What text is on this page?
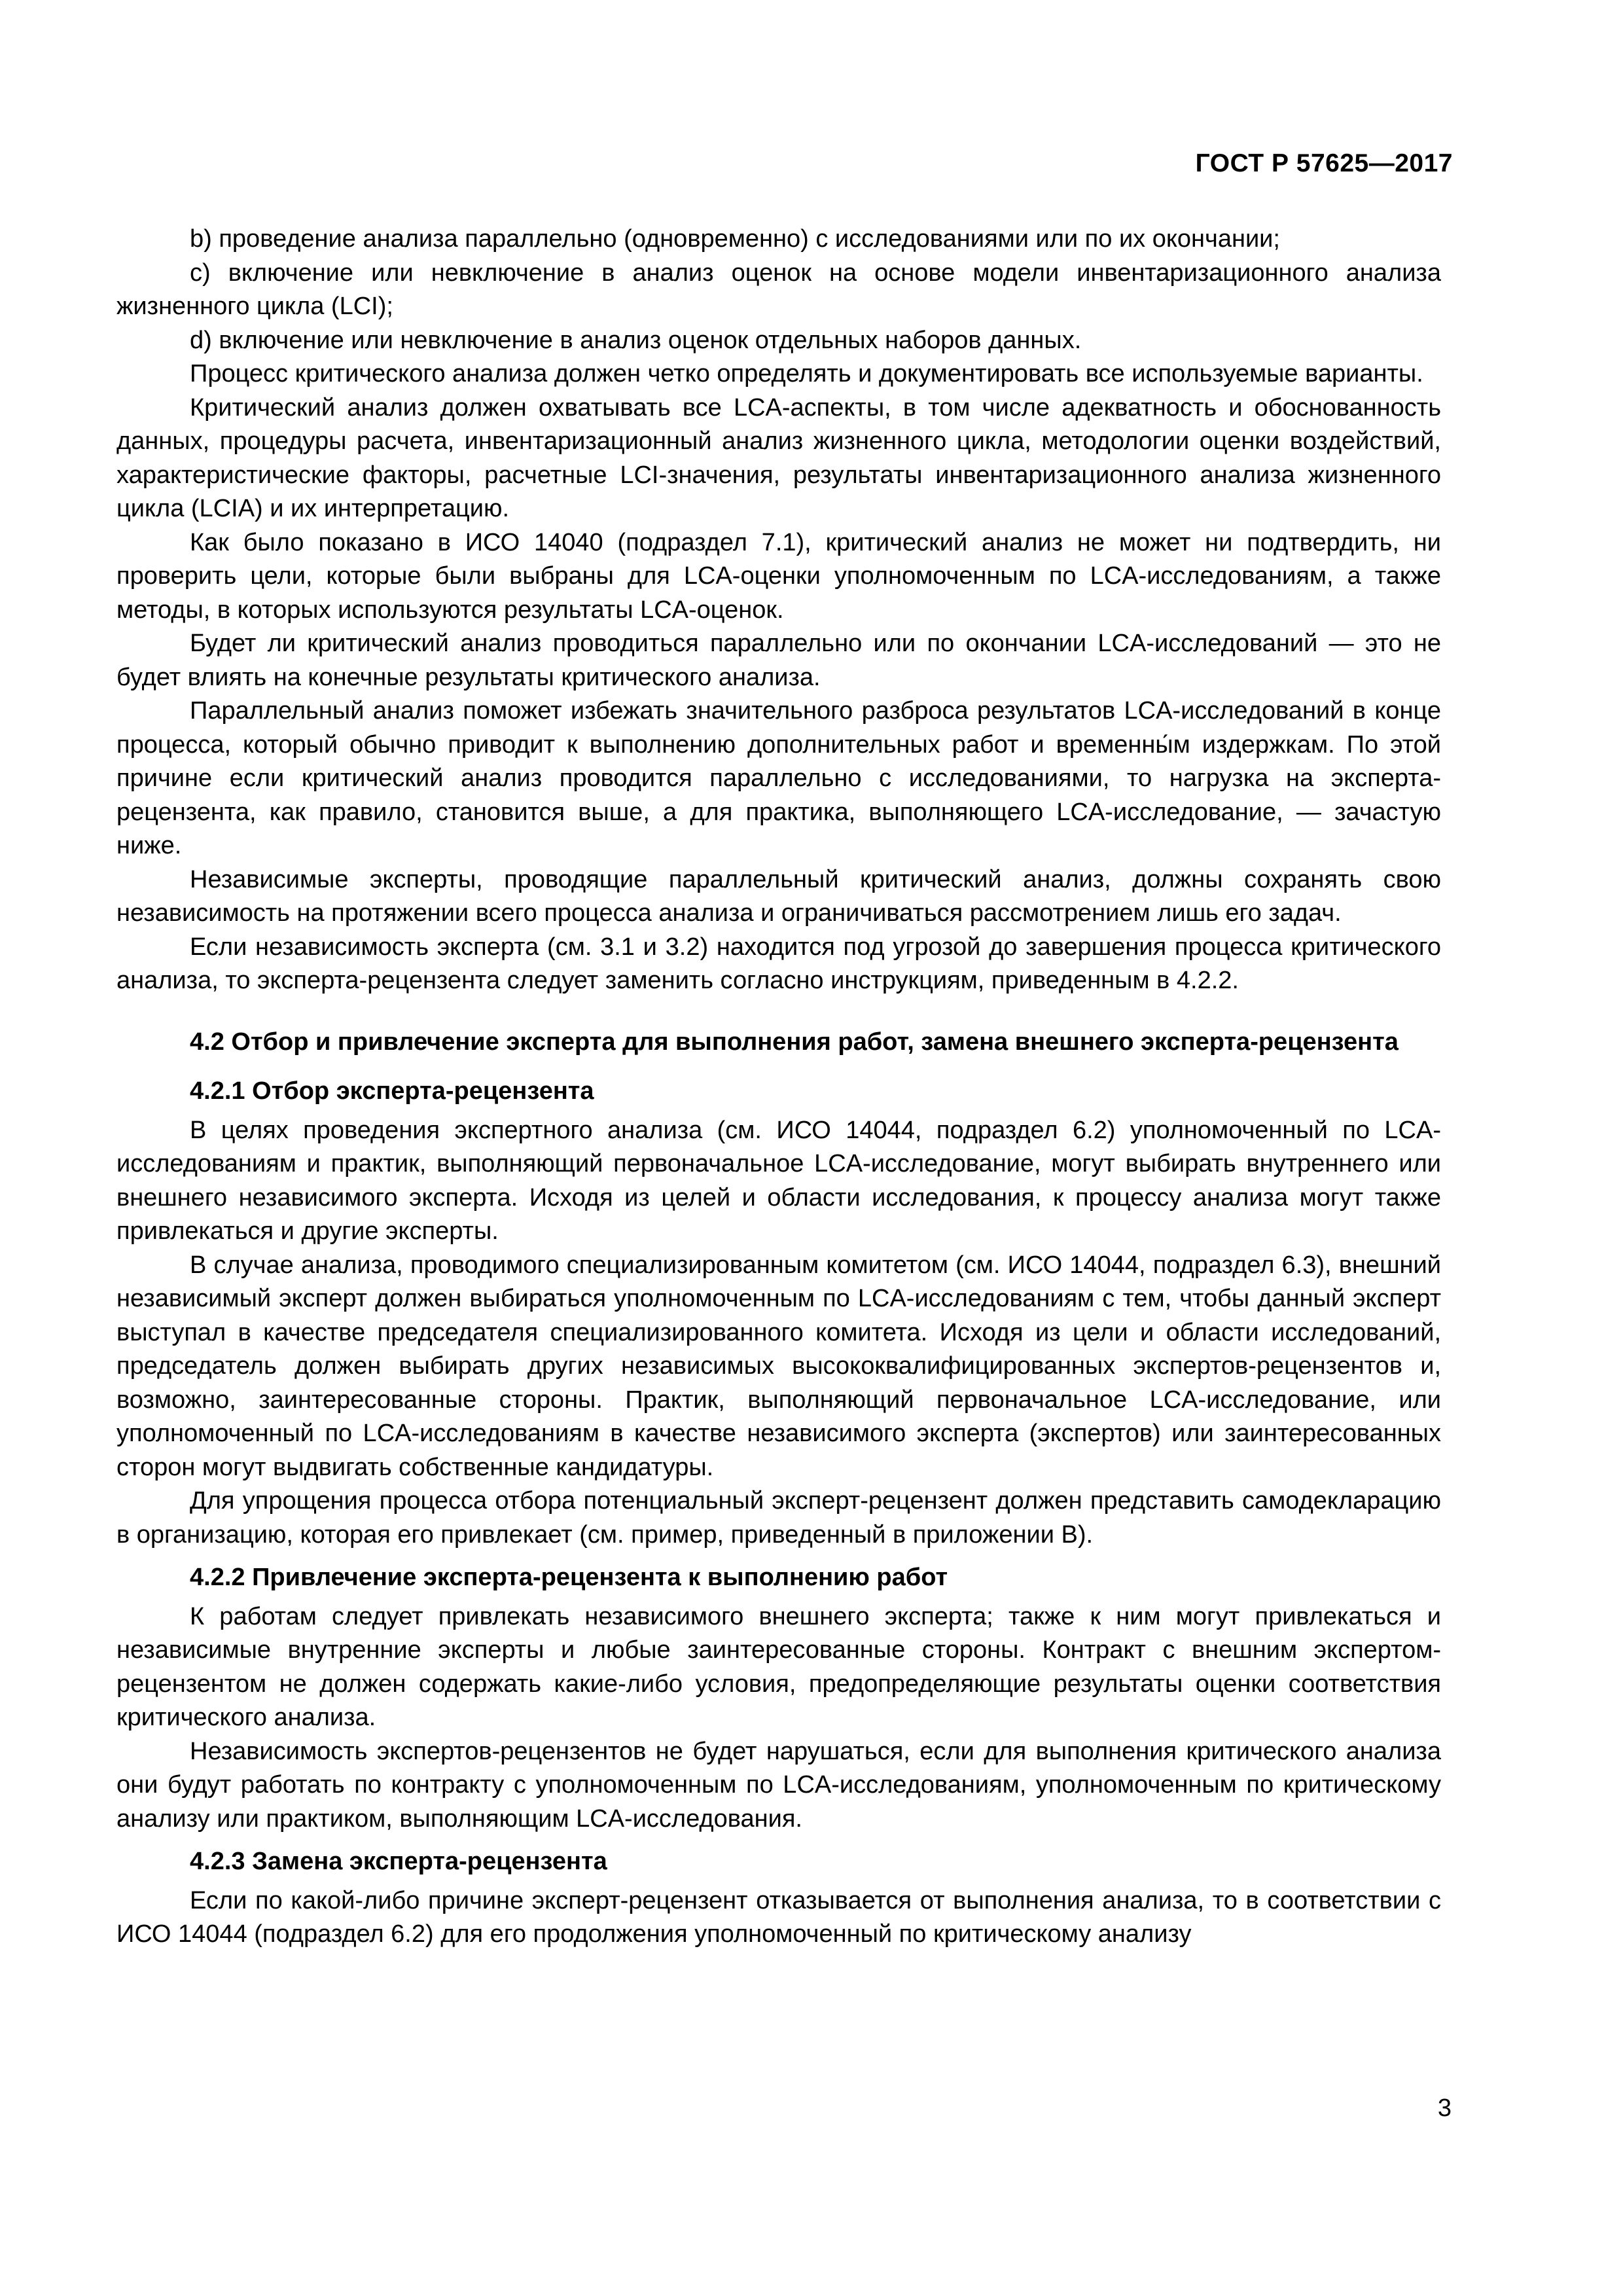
ГОСТ Р 57625—2017

b) проведение анализа параллельно (одновременно) с исследованиями или по их окончании;

c) включение или невключение в анализ оценок на основе модели инвентаризационного анализа жизненного цикла (LCI);

d) включение или невключение в анализ оценок отдельных наборов данных.

Процесс критического анализа должен четко определять и документировать все используемые варианты.

Критический анализ должен охватывать все LCA-аспекты, в том числе адекватность и обоснованность данных, процедуры расчета, инвентаризационный анализ жизненного цикла, методологии оценки воздействий, характеристические факторы, расчетные LCI-значения, результаты инвентаризационного анализа жизненного цикла (LCIA) и их интерпретацию.

Как было показано в ИСО 14040 (подраздел 7.1), критический анализ не может ни подтвердить, ни проверить цели, которые были выбраны для LCA-оценки уполномоченным по LCA-исследованиям, а также методы, в которых используются результаты LCA-оценок.

Будет ли критический анализ проводиться параллельно или по окончании LCA-исследований — это не будет влиять на конечные результаты критического анализа.

Параллельный анализ поможет избежать значительного разброса результатов LCA-исследований в конце процесса, который обычно приводит к выполнению дополнительных работ и временны́м издержкам. По этой причине если критический анализ проводится параллельно с исследованиями, то нагрузка на эксперта-рецензента, как правило, становится выше, а для практика, выполняющего LCA-исследование, — зачастую ниже.

Независимые эксперты, проводящие параллельный критический анализ, должны сохранять свою независимость на протяжении всего процесса анализа и ограничиваться рассмотрением лишь его задач.

Если независимость эксперта (см. 3.1 и 3.2) находится под угрозой до завершения процесса критического анализа, то эксперта-рецензента следует заменить согласно инструкциям, приведенным в 4.2.2.

4.2 Отбор и привлечение эксперта для выполнения работ, замена внешнего эксперта-рецензента
4.2.1 Отбор эксперта-рецензента

В целях проведения экспертного анализа (см. ИСО 14044, подраздел 6.2) уполномоченный по LCA-исследованиям и практик, выполняющий первоначальное LCA-исследование, могут выбирать внутреннего или внешнего независимого эксперта. Исходя из целей и области исследования, к процессу анализа могут также привлекаться и другие эксперты.

В случае анализа, проводимого специализированным комитетом (см. ИСО 14044, подраздел 6.3), внешний независимый эксперт должен выбираться уполномоченным по LCA-исследованиям с тем, чтобы данный эксперт выступал в качестве председателя специализированного комитета. Исходя из цели и области исследований, председатель должен выбирать других независимых высококвалифицированных экспертов-рецензентов и, возможно, заинтересованные стороны. Практик, выполняющий первоначальное LCA-исследование, или уполномоченный по LCA-исследованиям в качестве независимого эксперта (экспертов) или заинтересованных сторон могут выдвигать собственные кандидатуры.

Для упрощения процесса отбора потенциальный эксперт-рецензент должен представить самодекларацию в организацию, которая его привлекает (см. пример, приведенный в приложении В).

4.2.2 Привлечение эксперта-рецензента к выполнению работ

К работам следует привлекать независимого внешнего эксперта; также к ним могут привлекаться и независимые внутренние эксперты и любые заинтересованные стороны. Контракт с внешним экспертом-рецензентом не должен содержать какие-либо условия, предопределяющие результаты оценки соответствия критического анализа.

Независимость экспертов-рецензентов не будет нарушаться, если для выполнения критического анализа они будут работать по контракту с уполномоченным по LCA-исследованиям, уполномоченным по критическому анализу или практиком, выполняющим LCA-исследования.

4.2.3 Замена эксперта-рецензента

Если по какой-либо причине эксперт-рецензент отказывается от выполнения анализа, то в соответствии с ИСО 14044 (подраздел 6.2) для его продолжения уполномоченный по критическому анализу

3
